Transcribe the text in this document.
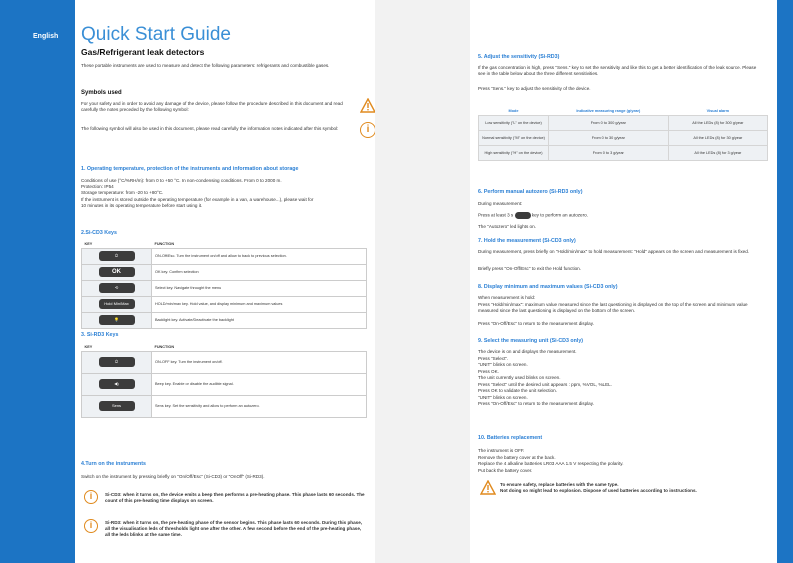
English Quick Start Guide
Gas/Refrigerant leak detectors
These portable instruments are used to measure and detect the following parameters: refrigerants and combustible gases.
Symbols used
For your safety and in order to avoid any damage of the device, please follow the procedure described in this document and read carefully the notes preceded by the following symbol:
The following symbol will also be used in this document, please read carefully the information notes indicated after this symbol:	i
1. Operating temperature, protection of the instruments and information about storage
Conditions of use (°C/%RH/m): from 0 to +50 °C. In non-condensing conditions. From 0 to 2000 m.
Protection: IP54
Storage temperature: from -20 to +80°C.
If the instrument is stored outside the operating temperature (for example in a van, a warehouse...), please wait for
10 minutes in its operating temperature before start using it.
2.Si-CD3 Keys
KEY	FUNCTION
⏻	ON-Off/Esc. Turn the instrument on/off and allow to back to previous selection.
OK	OK key. Confirm selection
⟲	Select key. Navigate throught the menu
Hold Min/Max	HOLD/min/max key. Hold value, and display minimum and maximum values
💡	Backlight key. Activate/Deactivate the backlight
3. Si-RD3 Keys
KEY	FUNCTION
⏻	ON-OFF key. Turn the instrument on/off.
◀)	Beep key. Enable or disable the audible signal.
Sens	Sens key. Set the sensitivity and allow to perform an autozero.
4.Turn on the instruments
Switch on the instrument by pressing briefly on "On/Off/Esc" (Si-CD3) or "OnOff" (Si-RD3).
i	Si-CD3: when it turns on, the device emits a beep then performs a pre-heating phase. This phase lasts 60 seconds. The count of this pre-heating time displays on screen.
i	Si-RD3: when it turns on, the pre-heating phase of the sensor begins. This phase lasts 60 seconds. During this phase, all the visualisation leds of thresholds light one after the other. A few second before the end of the pre-heating phase, all the leds blinks at the same time.
5. Adjust the sensitivity (Si-RD3)
If the gas concentration is high, press "Sens." key to set the sensitivity and like this to get a better identification of the leak source. Please see in the table below about the three different sensitivities.
Press "Sens." key to adjust the sensitivity of the device.
Mode	Indicative measuring range (g/year)	Visual alarm
Low sensitivity ("L" on the device)	From 0 to 300 g/year	All the LEDs (8) for 300 g/year
Normal sensitivity ("M" on the device)	From 0 to 30 g/year	All the LEDs (8) for 30 g/year
High sensitivity ("H" on the device)	From 0 to 3 g/year	All the LEDs (8) for 3 g/year
6. Perform manual autozero (Si-RD3 only)
During measurement:
Press at least 3 s	key to perform an autozero.
The "Autozero" led lights on.
7. Hold the measurement (Si-CD3 only)
During measurement, press briefly on "Hold/min/max" to hold measurement: "Hold" appears on the screen and measurement is fixed.
Briefly press "On-Off/Esc" to exit the Hold function.
8. Display minimum and maximum values (Si-CD3 only)
When measurement is hold:
Press "Hold/min/max": maximum value measured since the last questioning is displayed on the top of the screen and minimum value measured since the last questioning is displayed on the bottom of the screen.
Press "On-Off/Esc" to return to the measurement display.
9. Select the measuring unit (Si-CD3 only)
The device is on and displays the measurement.
Press "Select".
"UNIT" blinks on screen.
Press OK.
The unit currently used blinks on screen.
Press "Select" until the desired unit appears : ppm, %VOL, %LEL.
Press OK to validate the unit selection.
"UNIT" blinks on screen.
Press "On-Off/Esc" to return to the measurement display.
10. Batteries replacement
The instrument is OFF.
Remove the battery cover at the back.
Replace the 4 alkaline batteries LR03 AAA 1.5 V respecting the polarity.
Put back the battery cover.
To ensure safety, replace batteries with the same type.
Not doing so might lead to explosion. Dispose of used batteries according to instructions.
